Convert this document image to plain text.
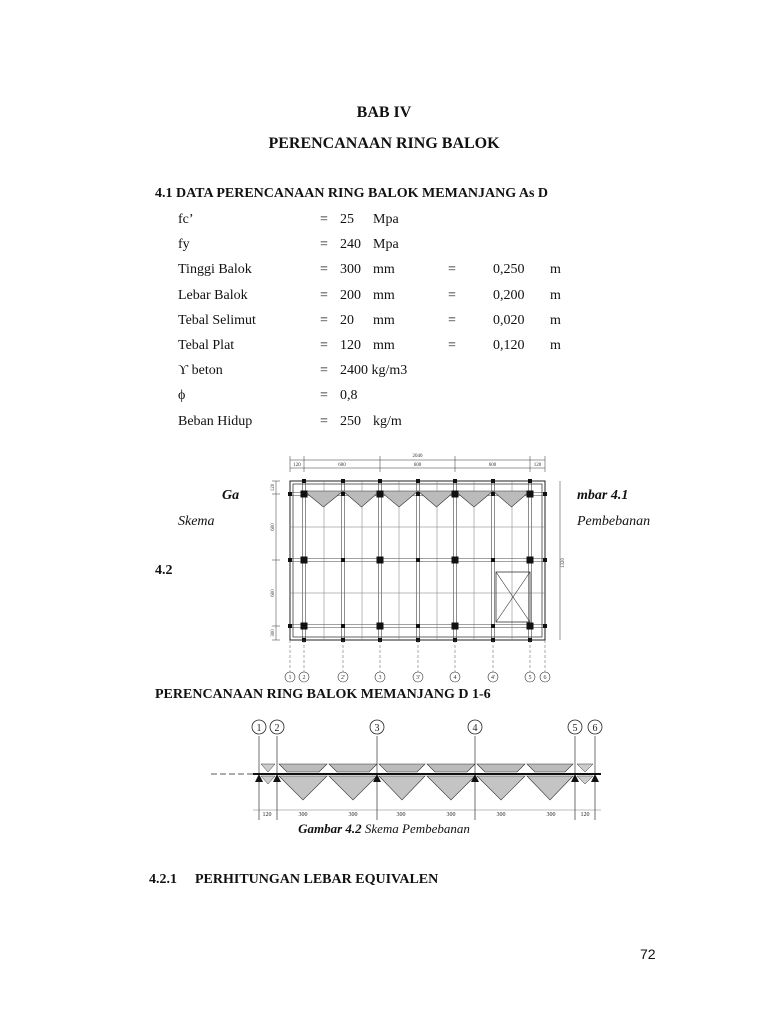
BAB IV
PERENCANAAN RING BALOK
4.1 DATA PERENCANAAN RING BALOK MEMANJANG As D
fc’	= 25 Mpa
fy	= 240 Mpa
Tinggi Balok	= 300 mm	=	0,250 m
Lebar Balok	= 200 mm	=	0,200 m
Tebal Selimut	= 20 mm	=	0,020 m
Tebal Plat	= 120 mm	=	0,120 m
ϒ beton	= 2400 kg/m3
ϕ	= 0,8
Beban Hidup	= 250 kg/m
2040
120	600	600	600	120
120
600
600
300
1320
1 2	2'	3	3'	4	4'	5 6
Ga	mbar 4.1
Skema	Pembebanan
4.2
PERENCANAAN RING BALOK MEMANJANG D 1-6
1 2	3	4	5 6
120	300	300	300	300	300	300	120
Gambar 4.2 Skema Pembebanan
4.2.1 PERHITUNGAN LEBAR EQUIVALEN
72
